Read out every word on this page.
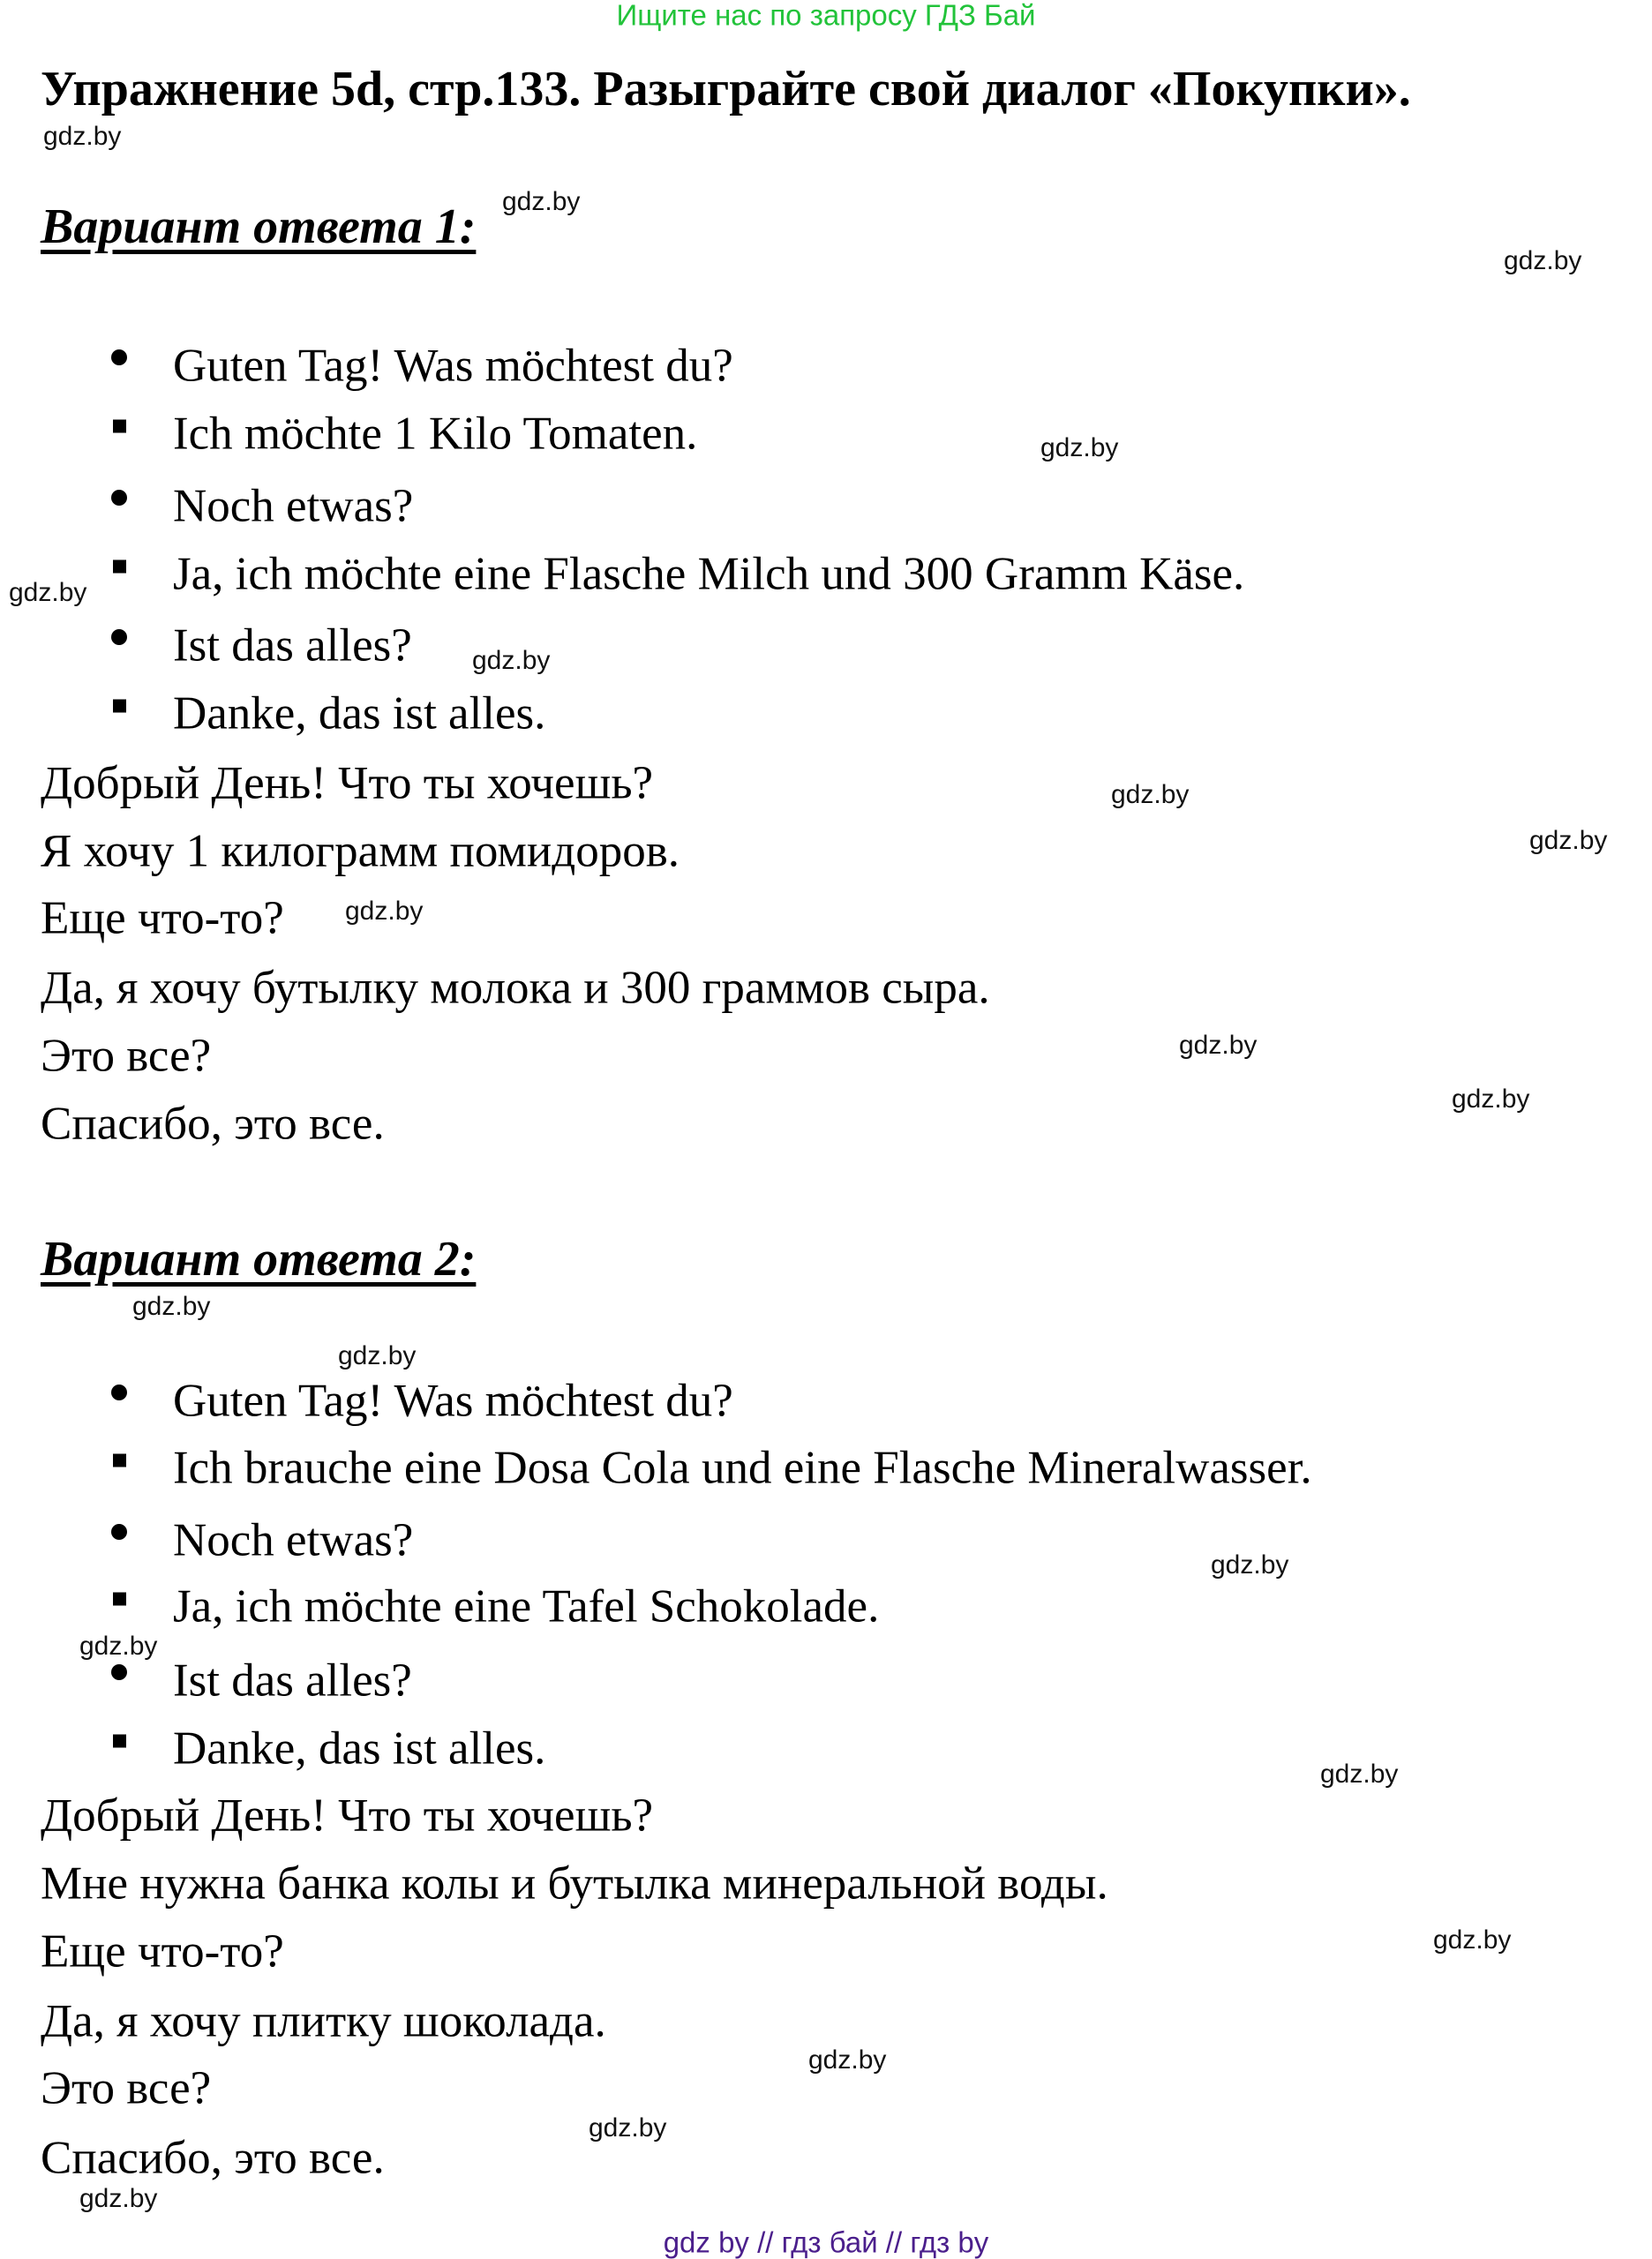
Ищите нас по запросу ГДЗ Бай
Упражнение 5d, стр.133. Разыграйте свой диалог «Покупки».
Вариант ответа 1:
Guten Tag! Was möchtest du?
Ich möchte 1 Kilo Tomaten.
Noch etwas?
Ja, ich möchte eine Flasche Milch und 300 Gramm Käse.
Ist das alles?
Danke, das ist alles.
Добрый День! Что ты хочешь?
Я хочу 1 килограмм помидоров.
Еще что-то?
Да, я хочу бутылку молока и 300 граммов сыра.
Это все?
Спасибо, это все.
Вариант ответа 2:
Guten Tag! Was möchtest du?
Ich brauche eine Dosa Cola und eine Flasche Mineralwasser.
Noch etwas?
Ja, ich möchte eine Tafel Schokolade.
Ist das alles?
Danke, das ist alles.
Добрый День! Что ты хочешь?
Мне нужна банка колы и бутылка минеральной воды.
Еще что-то?
Да, я хочу плитку шоколада.
Это все?
Спасибо, это все.
gdz.by
gdz.by
gdz.by
gdz.by
gdz.by
gdz.by
gdz.by
gdz.by
gdz.by
gdz.by
gdz.by
gdz.by
gdz.by
gdz.by
gdz.by
gdz.by
gdz.by
gdz.by
gdz.by
gdz.by
gdz by // гдз бай // гдз by
